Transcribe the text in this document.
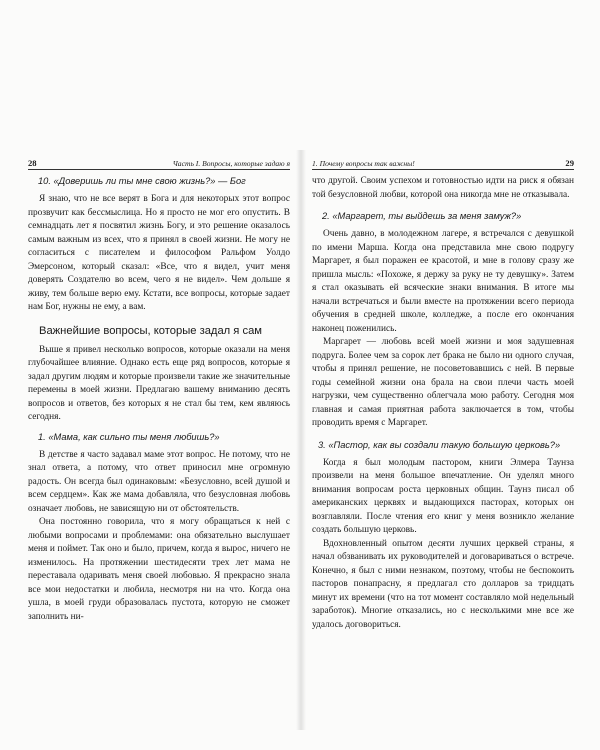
28	Часть I. Вопросы, которые задаю я
10. «Доверишь ли ты мне свою жизнь?» — Бог

Я знаю, что не все верят в Бога и для некоторых этот вопрос прозвучит как бессмыслица. Но я просто не мог его опустить. В семнадцать лет я посвятил жизнь Богу, и это решение оказалось самым важным из всех, что я принял в своей жизни. Не могу не согласиться с писателем и философом Ральфом Уолдо Эмерсоном, который сказал: «Все, что я видел, учит меня доверять Создателю во всем, чего я не видел». Чем дольше я живу, тем больше верю ему. Кстати, все вопросы, которые задает нам Бог, нужны не ему, а вам.

Важнейшие вопросы, которые задал я сам

Выше я привел несколько вопросов, которые оказали на меня глубочайшее влияние. Однако есть еще ряд вопросов, которые я задал другим людям и которые произвели такие же значительные перемены в моей жизни. Предлагаю вашему вниманию десять вопросов и ответов, без которых я не стал бы тем, кем являюсь сегодня.

1. «Мама, как сильно ты меня любишь?»

В детстве я часто задавал маме этот вопрос. Не потому, что не знал ответа, а потому, что ответ приносил мне огромную радость. Он всегда был одинаковым: «Безусловно, всей душой и всем сердцем». Как же мама добавляла, что безусловная любовь означает любовь, не зависящую ни от обстоятельств.

Она постоянно говорила, что я могу обращаться к ней с любыми вопросами и проблемами: она обязательно выслушает меня и поймет. Так оно и было, причем, когда я вырос, ничего не изменилось. На протяжении шестидесяти трех лет мама не переставала одаривать меня своей любовью. Я прекрасно знала все мои недостатки и любила, несмотря ни на что. Когда она ушла, в моей груди образовалась пустота, которую не сможет заполнить ни-

1. Почему вопросы так важны!	29

что другой. Своим успехом и готовностью идти на риск я обязан той безусловной любви, которой она никогда мне не отказывала.

2. «Маргарет, ты выйдешь за меня замуж?»

Очень давно, в молодежном лагере, я встречался с девушкой по имени Марша. Когда она представила мне свою подругу Маргарет, я был поражен ее красотой, и мне в голову сразу же пришла мысль: «Похоже, я держу за руку не ту девушку». Затем я стал оказывать ей всяческие знаки внимания. В итоге мы начали встречаться и были вместе на протяжении всего периода обучения в средней школе, колледже, а после его окончания наконец поженились.

Маргарет — любовь всей моей жизни и моя задушевная подруга. Более чем за сорок лет брака не было ни одного случая, чтобы я принял решение, не посоветовавшись с ней. В первые годы семейной жизни она брала на свои плечи часть моей нагрузки, чем существенно облегчала мою работу. Сегодня моя главная и самая приятная работа заключается в том, чтобы проводить время с Маргарет.

3. «Пастор, как вы создали такую большую церковь?»

Когда я был молодым пастором, книги Элмера Таунза произвели на меня большое впечатление. Он уделял много внимания вопросам роста церковных общин. Таунз писал об американских церквях и выдающихся пасторах, которых он возглавляли. После чтения его книг у меня возникло желание создать большую церковь.

Вдохновленный опытом десяти лучших церквей страны, я начал обзванивать их руководителей и договариваться о встрече. Конечно, я был с ними незнаком, поэтому, чтобы не беспокоить пасторов понапрасну, я предлагал сто долларов за тридцать минут их времени (что на тот момент составляло мой недельный заработок). Многие отказались, но с несколькими мне все же удалось договориться.
